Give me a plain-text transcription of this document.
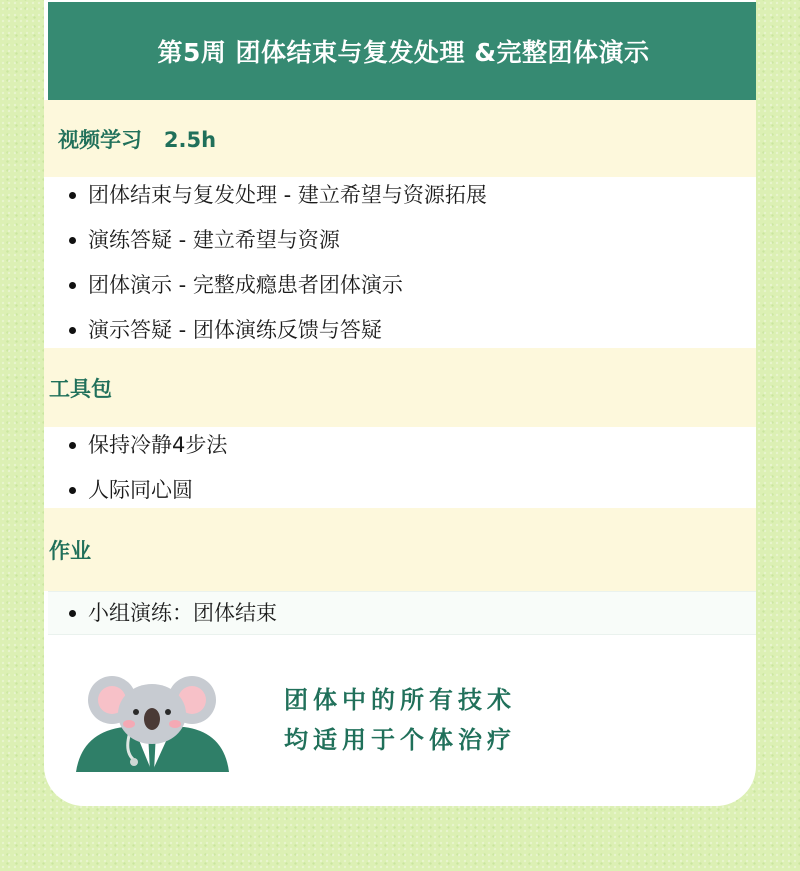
第5周 团体结束与复发处理 &完整团体演示
视频学习   2.5h
团体结束与复发处理 - 建立希望与资源拓展
演练答疑 - 建立希望与资源
团体演示 - 完整成瘾患者团体演示
演示答疑 - 团体演练反馈与答疑
工具包
保持冷静4步法
人际同心圆
作业
小组演练：团体结束
团体中的所有技术
均适用于个体治疗
